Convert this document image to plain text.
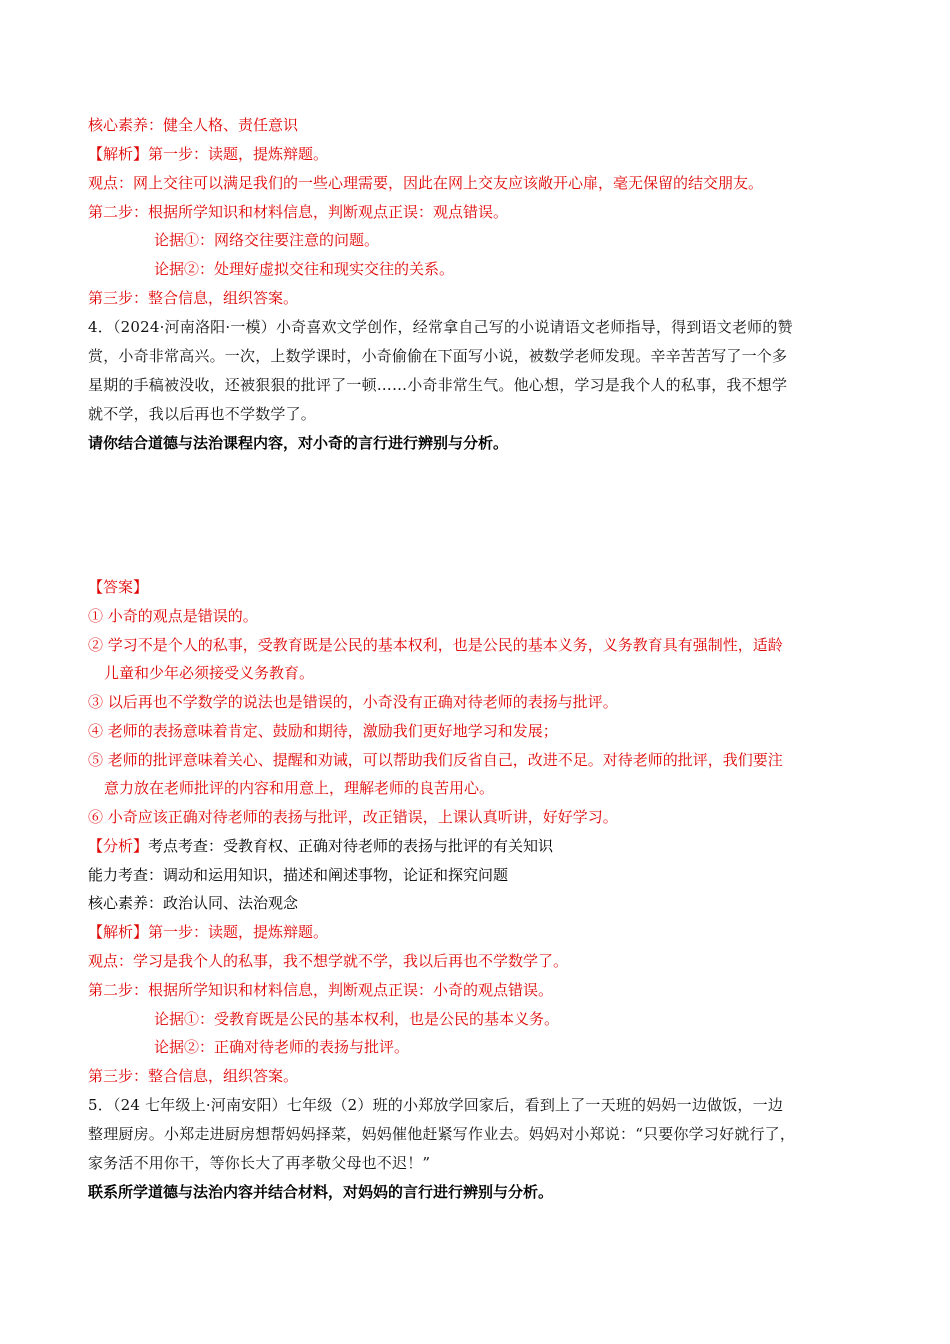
核心素养：健全人格、责任意识
【解析】第一步：读题，提炼辩题。
观点：网上交往可以满足我们的一些心理需要，因此在网上交友应该敞开心扉，毫无保留的结交朋友。
第二步：根据所学知识和材料信息，判断观点正误：观点错误。
论据①：网络交往要注意的问题。
论据②：处理好虚拟交往和现实交往的关系。
第三步：整合信息，组织答案。
4．（2024·河南洛阳·一模）小奇喜欢文学创作，经常拿自己写的小说请语文老师指导，得到语文老师的赞
赏，小奇非常高兴。一次，上数学课时，小奇偷偷在下面写小说，被数学老师发现。辛辛苦苦写了一个多
星期的手稿被没收，还被狠狠的批评了一顿……小奇非常生气。他心想，学习是我个人的私事，我不想学
就不学，我以后再也不学数学了。
请你结合道德与法治课程内容，对小奇的言行进行辨别与分析。
【答案】
① 小奇的观点是错误的。
② 学习不是个人的私事，受教育既是公民的基本权利，也是公民的基本义务，义务教育具有强制性，适龄
儿童和少年必须接受义务教育。
③ 以后再也不学数学的说法也是错误的，小奇没有正确对待老师的表扬与批评。
④ 老师的表扬意味着肯定、鼓励和期待，激励我们更好地学习和发展；
⑤ 老师的批评意味着关心、提醒和劝诫，可以帮助我们反省自己，改进不足。对待老师的批评，我们要注
意力放在老师批评的内容和用意上，理解老师的良苦用心。
⑥ 小奇应该正确对待老师的表扬与批评，改正错误，上课认真听讲，好好学习。
【分析】考点考查：受教育权、正确对待老师的表扬与批评的有关知识
能力考查：调动和运用知识，描述和阐述事物，论证和探究问题
核心素养：政治认同、法治观念
【解析】第一步：读题，提炼辩题。
观点：学习是我个人的私事，我不想学就不学，我以后再也不学数学了。
第二步：根据所学知识和材料信息，判断观点正误：小奇的观点错误。
论据①：受教育既是公民的基本权利，也是公民的基本义务。
论据②：正确对待老师的表扬与批评。
第三步：整合信息，组织答案。
5．（24 七年级上·河南安阳）七年级（2）班的小郑放学回家后，看到上了一天班的妈妈一边做饭，一边
整理厨房。小郑走进厨房想帮妈妈择菜，妈妈催他赶紧写作业去。妈妈对小郑说：“只要你学习好就行了，
家务活不用你干，等你长大了再孝敬父母也不迟！”
联系所学道德与法治内容并结合材料，对妈妈的言行进行辨别与分析。
